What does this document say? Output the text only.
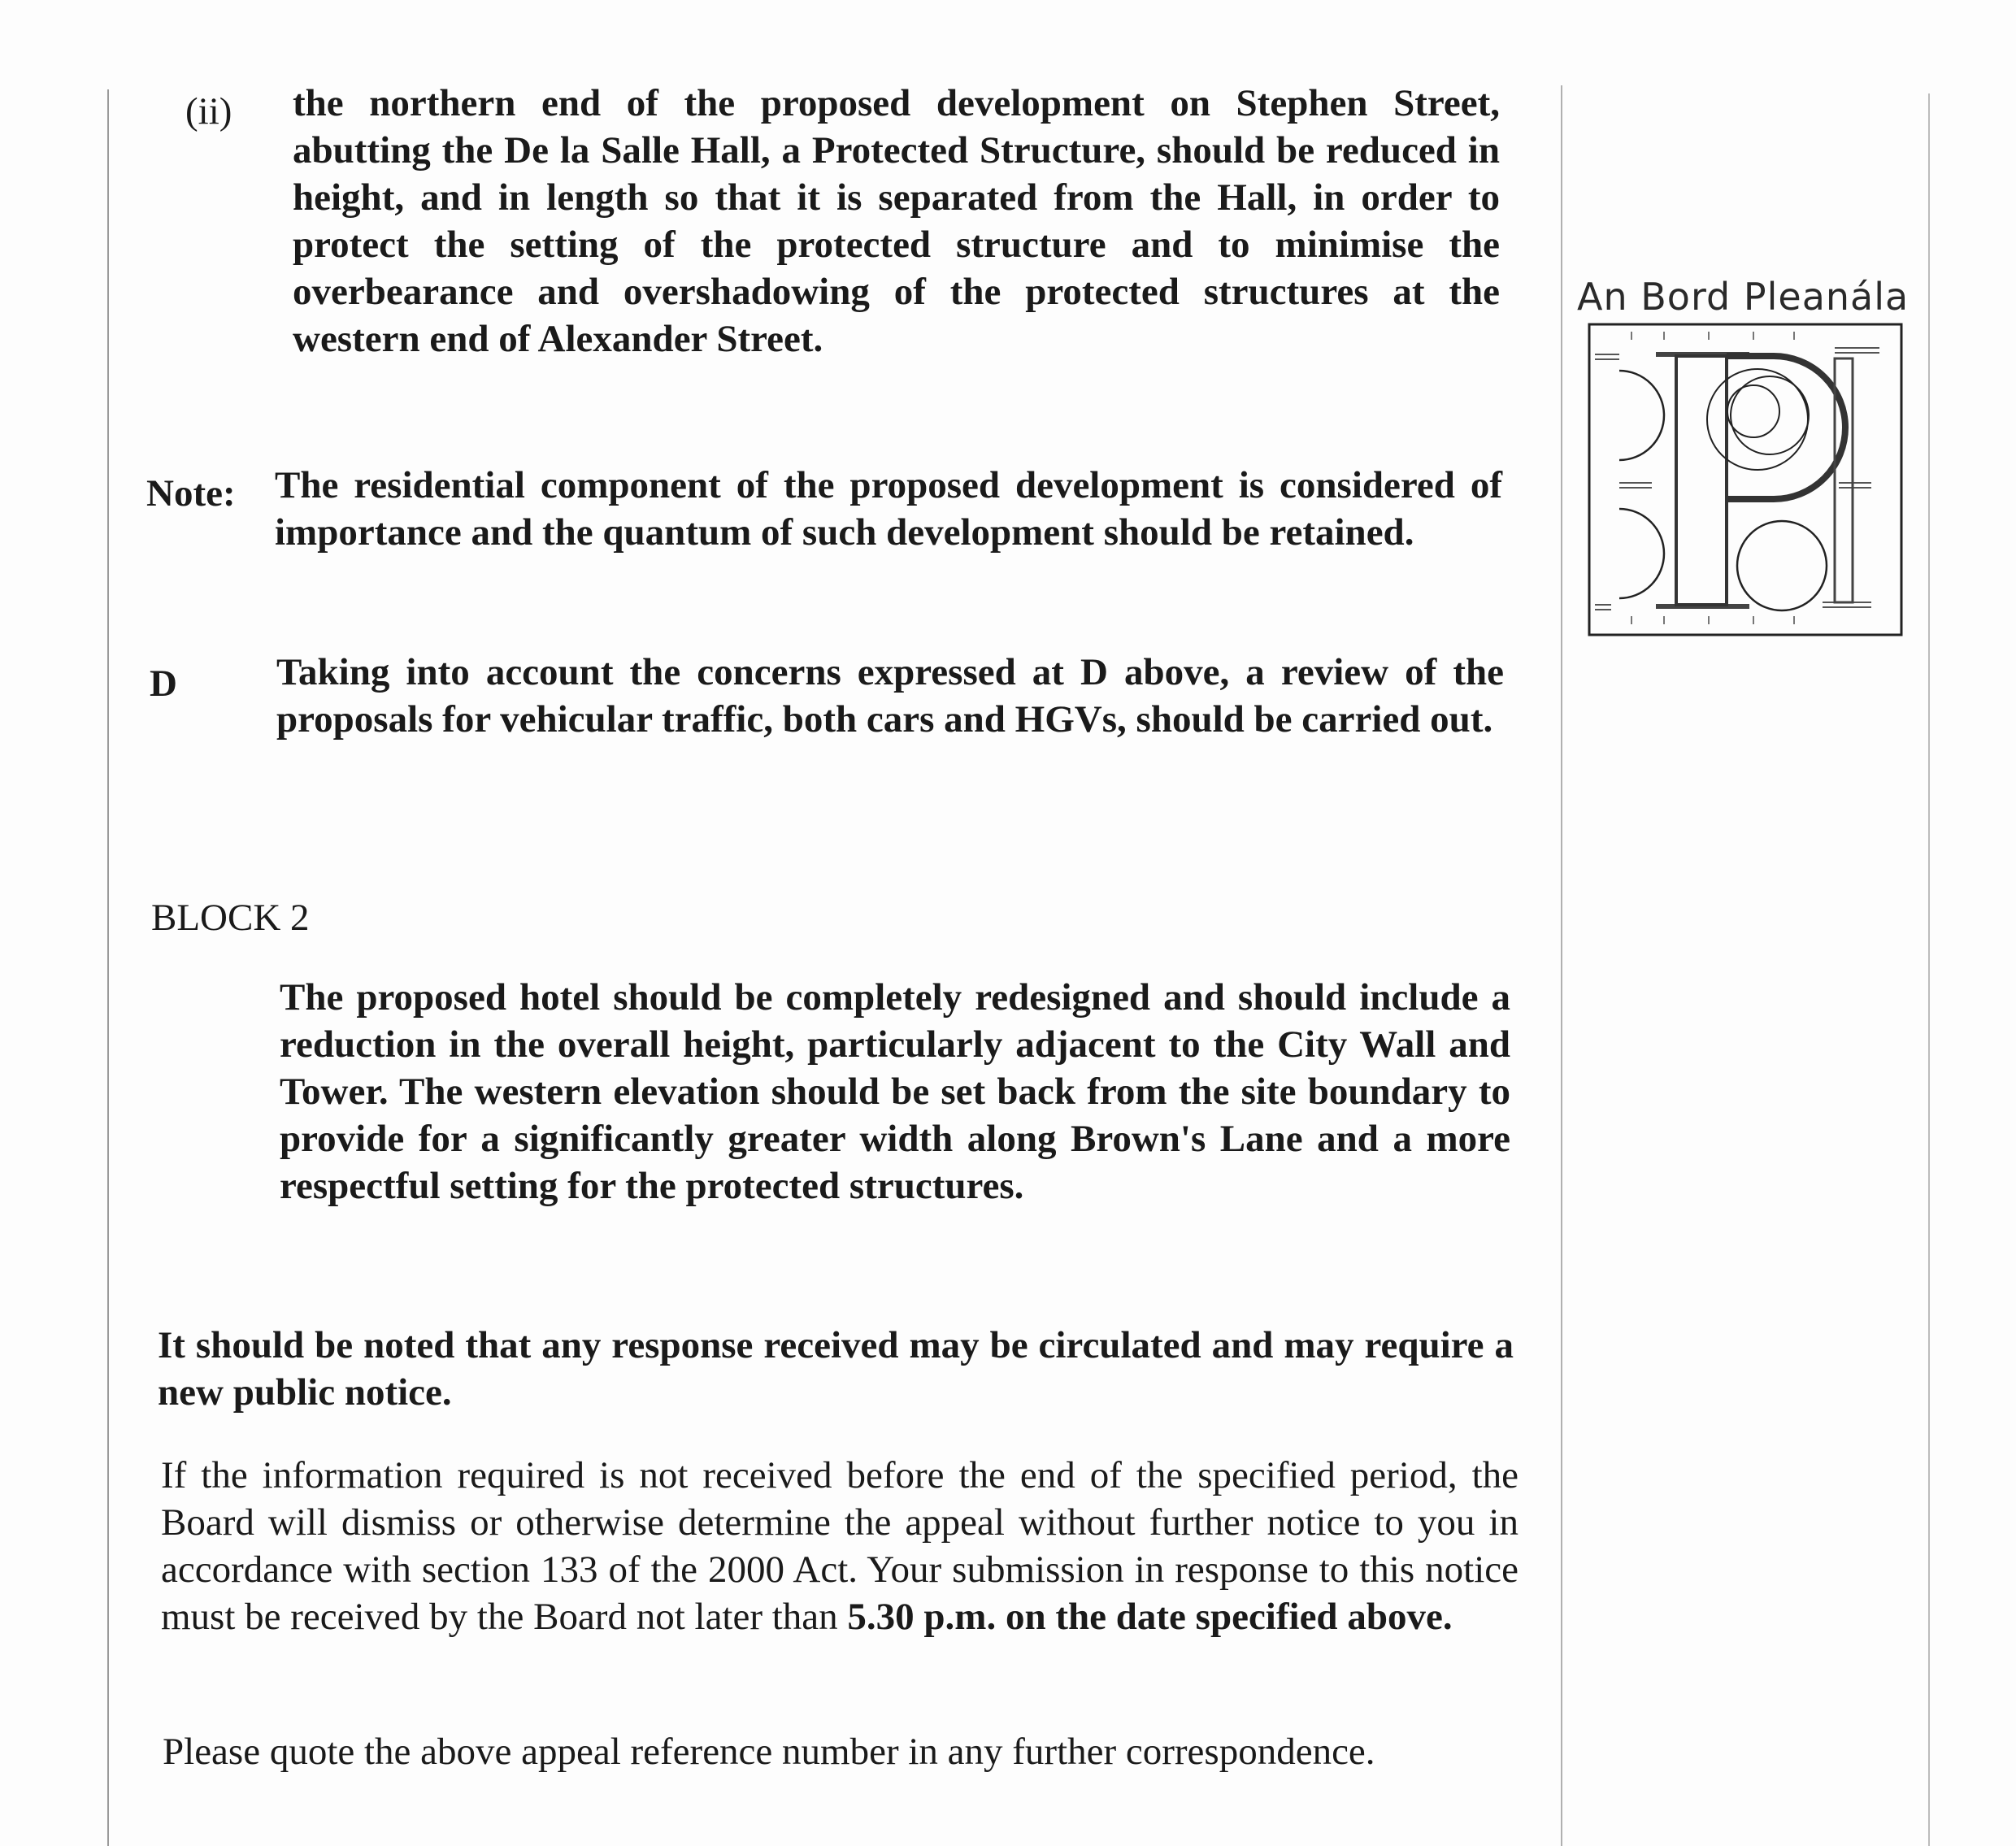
(ii) the northern end of the proposed development on Stephen Street, abutting the De la Salle Hall, a Protected Structure, should be reduced in height, and in length so that it is separated from the Hall, in order to protect the setting of the protected structure and to minimise the overbearance and overshadowing of the protected structures at the western end of Alexander Street.
Note: The residential component of the proposed development is considered of importance and the quantum of such development should be retained.
D	Taking into account the concerns expressed at D above, a review of the proposals for vehicular traffic, both cars and HGVs, should be carried out.
BLOCK 2
The proposed hotel should be completely redesigned and should include a reduction in the overall height, particularly adjacent to the City Wall and Tower. The western elevation should be set back from the site boundary to provide for a significantly greater width along Brown's Lane and a more respectful setting for the protected structures.
It should be noted that any response received may be circulated and may require a new public notice.
If the information required is not received before the end of the specified period, the Board will dismiss or otherwise determine the appeal without further notice to you in accordance with section 133 of the 2000 Act. Your submission in response to this notice must be received by the Board not later than 5.30 p.m. on the date specified above.
Please quote the above appeal reference number in any further correspondence.
An Bord Pleanála
